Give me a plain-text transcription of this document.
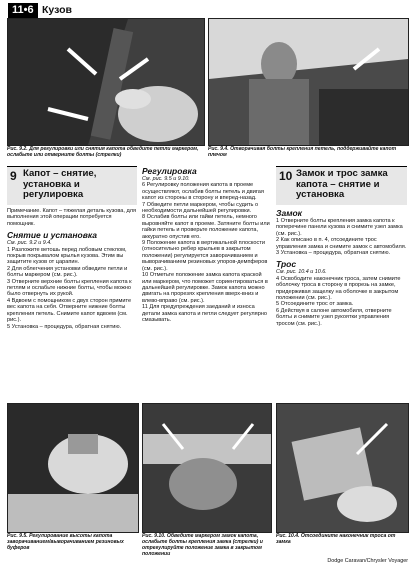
11•6 Кузов

Рис. 9.2. Для регулировки или снятия капота обведите петли маркером, ослабьте или отверните болты (стрелки)

Рис. 9.4. Отворачивая болты крепления петель, поддерживайте капот плечом

9 Капот – снятие, установка и регулировка

Примечание. Капот – тяжелая деталь кузова, для выполнения этой операции потребуется помощник.

Снятие и установка

См. рис. 9.2 и 9.4.

1 Разложите ветошь перед лобовым стеклом, покрыв покрывалом крылья кузова. Этим вы защитите кузов от царапин.

2 Для облегчения установки обведите петли и болты маркером (см. рис.).

3 Отверните верхние болты крепления капота к петлям и ослабьте нижние болты, чтобы можно было отвернуть их рукой.

4 Вдвоем с помощником с двух сторон примите вес капота на себя. Отверните нижние болты крепления петель. Снимите капот вдвоем (см. рис.).

5 Установка – процедура, обратная снятию.

Регулировка

См. рис. 9.5 и 9.10.

6 Регулировку положения капота в проеме осуществляют, ослабив болты петель и двигая капот из стороны в сторону и вперед-назад.

7 Обведите петли маркером, чтобы судить о необходимости дальнейшей регулировки.

8 Ослабив болты или гайки петель, немного выровняйте капот в проеме. Затяните болты или гайки петель и проверьте положение капота, аккуратно опустив его.

9 Положение капота в вертикальной плоскости (относительно ребер крыльев в закрытом положении) регулируется заворачиванием и выворачиванием резиновых упоров-демпферов (см. рис.).

10 Отметьте положение замка капота краской или маркером, что поможет сориентироваться в дальнейшей регулировке. Замок капота можно двигать на прорезях крепления вверх-вниз и влево-вправо (см. рис.).

11 Для предупреждения заеданий и износа детали замка капота и петли следует регулярно смазывать.

10 Замок и трос замка капота – снятие и установка

Замок

1 Отверните болты крепления замка капота к поперечине панели кузова и снимите узел замка (см. рис.).

2 Как описано в п. 4, отсоедините трос управления замка и снимите замок с автомобиля.

3 Установка – процедура, обратная снятию.

Трос

См. рис. 10.4 и 10.6.

4 Освободите наконечник троса, затем снимите оболочку троса в сторону в прорезь на замке, придерживая защелку на оболочке в закрытом положении (см. рис.).

5 Отсоедините трос от замка.

6 Действуя в салоне автомобиля, отверните болты и снимите узел рукоятки управления тросом (см. рис.).

Рис. 9.5. Регулирование высоты капота заворачиванием/выворачиванием резиновых буферов

Рис. 9.10. Обведите маркером замок капота, ослабьте болты крепления замка (стрелки) и отрегулируйте положение замка в закрытом положении

Рис. 10.4. Отсоедините наконечник троса от замка

Dodge Caravan/Chrysler Voyager
